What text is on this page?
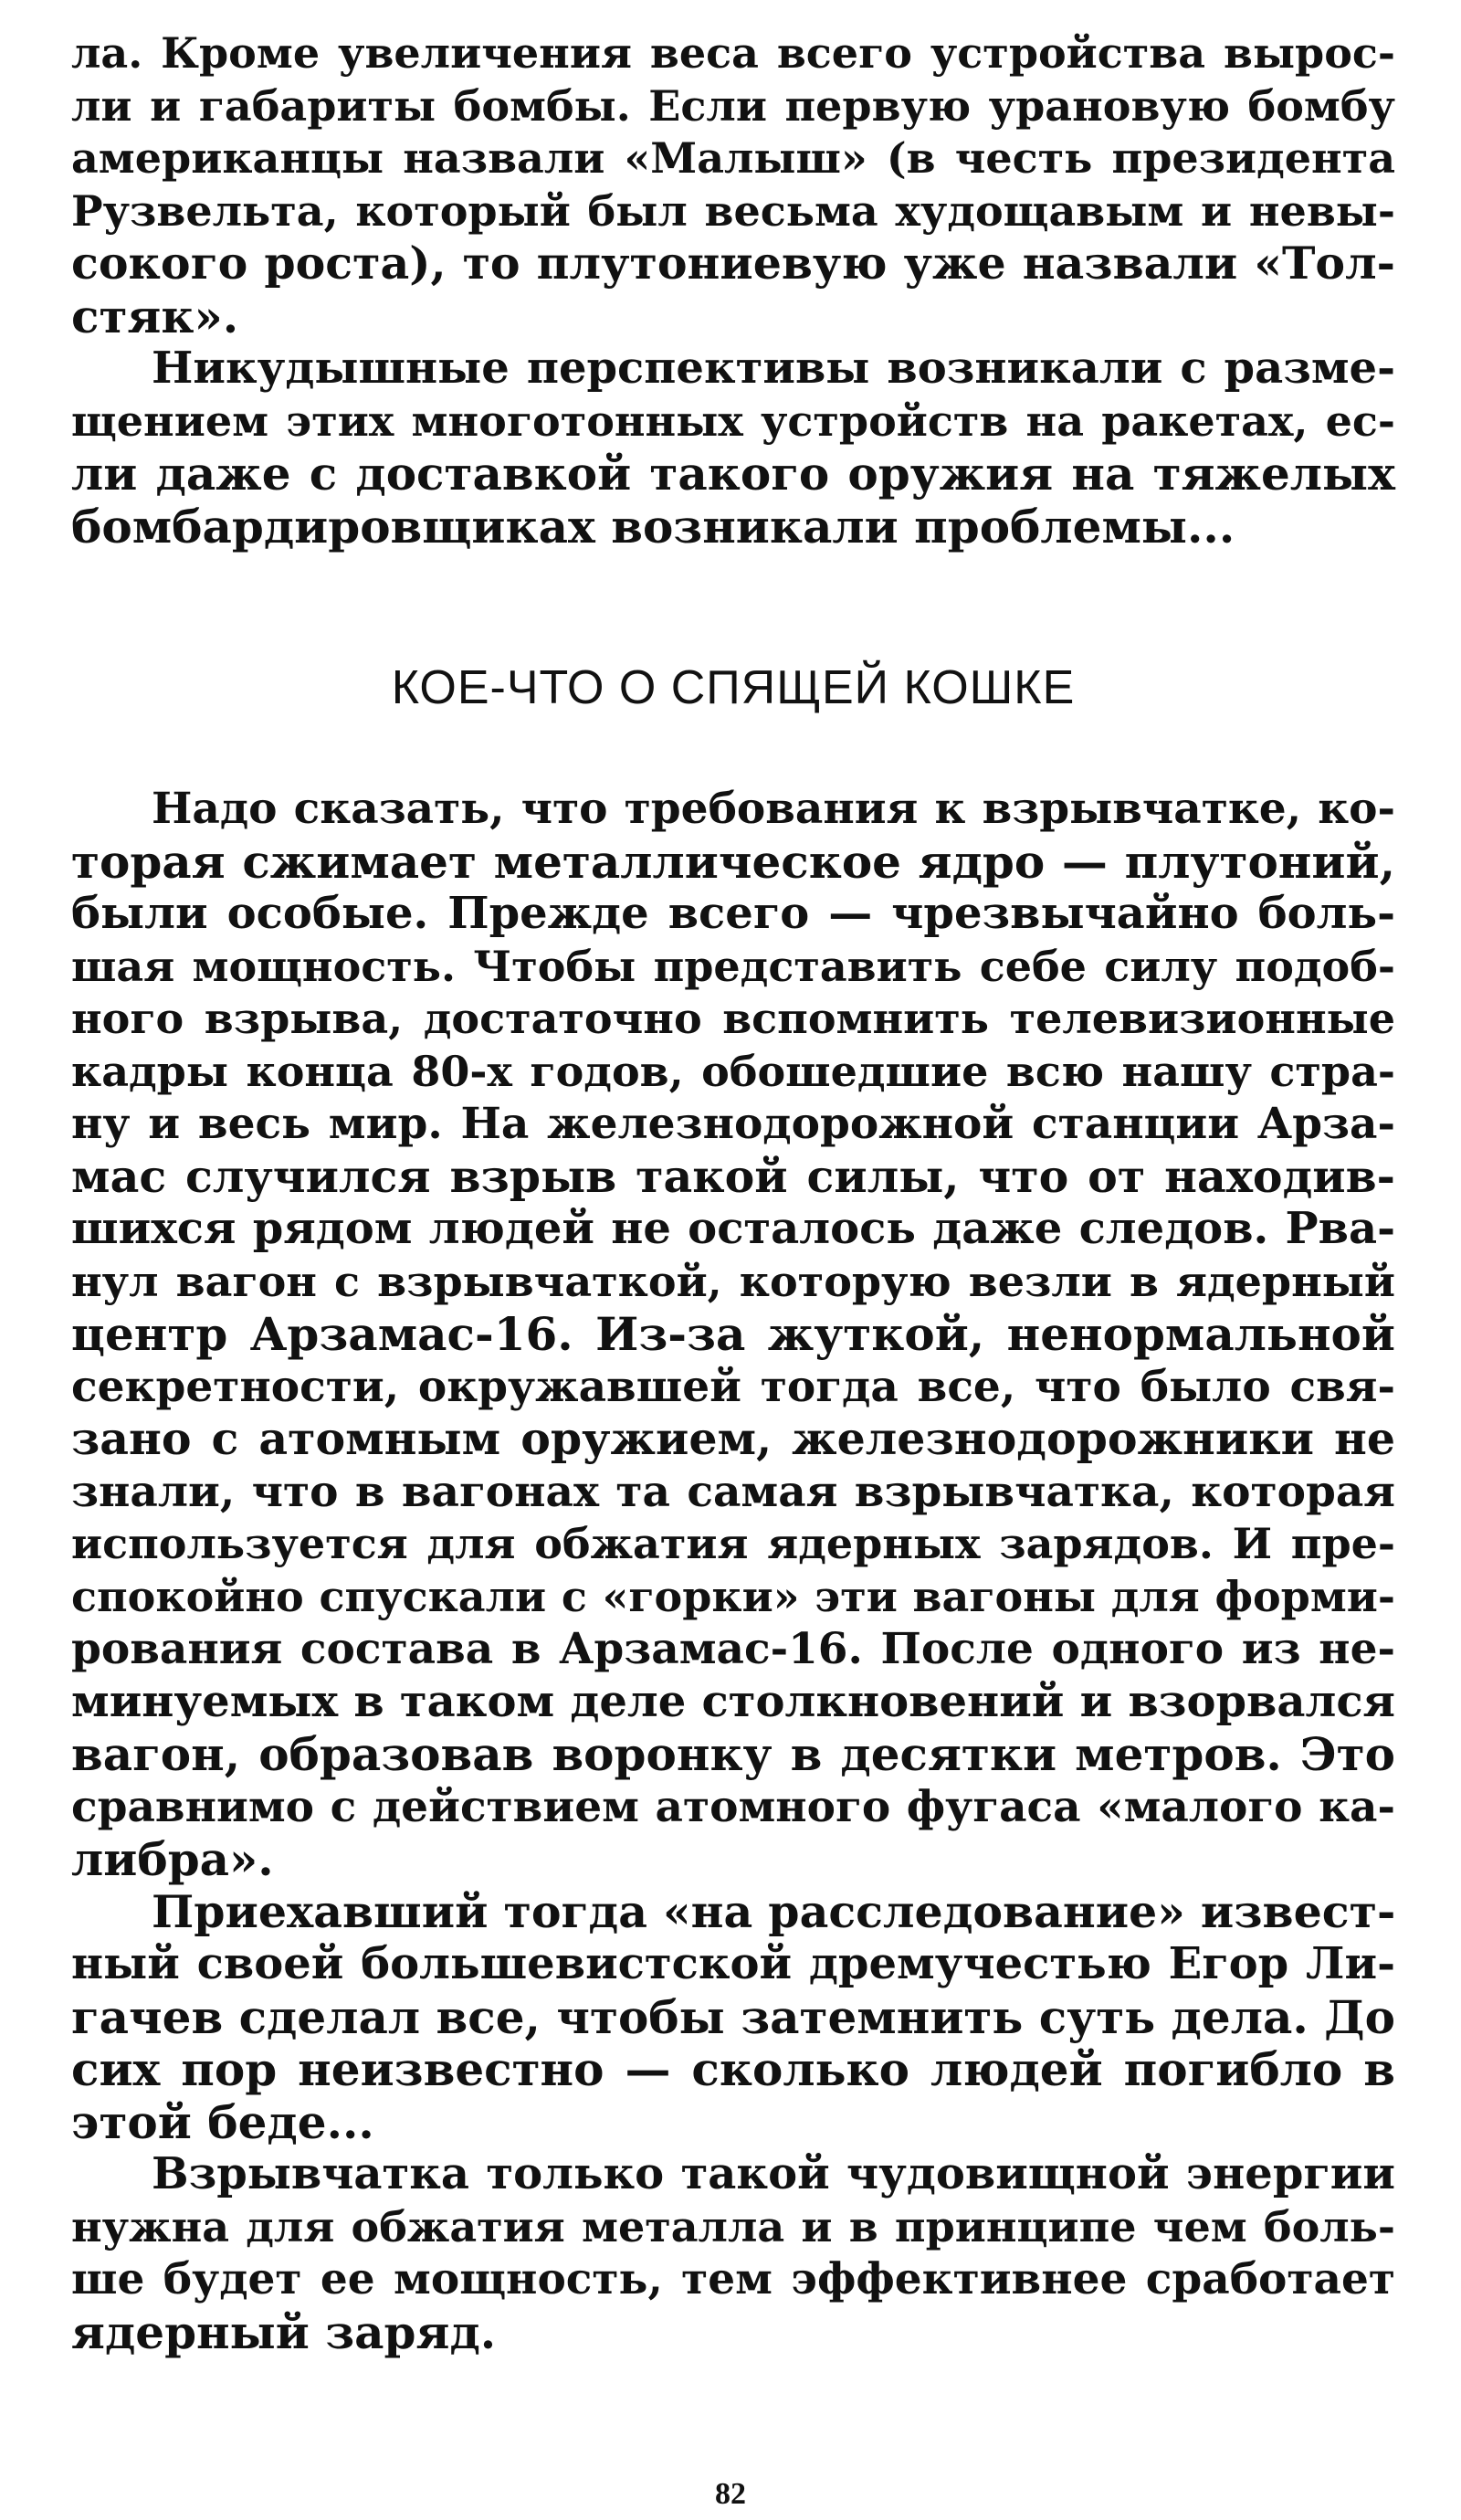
ла. Кроме увеличения веса всего устройства вырос-
ли и габариты бомбы. Если первую урановую бомбу
американцы назвали «Малыш» (в честь президента
Рузвельта, который был весьма худощавым и невы-
сокого роста), то плутониевую уже назвали «Тол-
стяк».

Никудышные перспективы возникали с разме-
щением этих многотонных устройств на ракетах, ес-
ли даже с доставкой такого оружия на тяжелых
бомбардировщиках возникали проблемы...

КОЕ-ЧТО О СПЯЩЕЙ КОШКЕ

Надо сказать, что требования к взрывчатке, ко-
торая сжимает металлическое ядро — плутоний,
были особые. Прежде всего — чрезвычайно боль-
шая мощность. Чтобы представить себе силу подоб-
ного взрыва, достаточно вспомнить телевизионные
кадры конца 80-х годов, обошедшие всю нашу стра-
ну и весь мир. На железнодорожной станции Арза-
мас случился взрыв такой силы, что от находив-
шихся рядом людей не осталось даже следов. Рва-
нул вагон с взрывчаткой, которую везли в ядерный
центр Арзамас-16. Из-за жуткой, ненормальной
секретности, окружавшей тогда все, что было свя-
зано с атомным оружием, железнодорожники не
знали, что в вагонах та самая взрывчатка, которая
используется для обжатия ядерных зарядов. И пре-
спокойно спускали с «горки» эти вагоны для форми-
рования состава в Арзамас-16. После одного из не-
минуемых в таком деле столкновений и взорвался
вагон, образовав воронку в десятки метров. Это
сравнимо с действием атомного фугаса «малого ка-
либра».

Приехавший тогда «на расследование» извест-
ный своей большевистской дремучестью Егор Ли-
гачев сделал все, чтобы затемнить суть дела. До
сих пор неизвестно — сколько людей погибло в
этой беде...

Взрывчатка только такой чудовищной энергии
нужна для обжатия металла и в принципе чем боль-
ше будет ее мощность, тем эффективнее сработает
ядерный заряд.

82
